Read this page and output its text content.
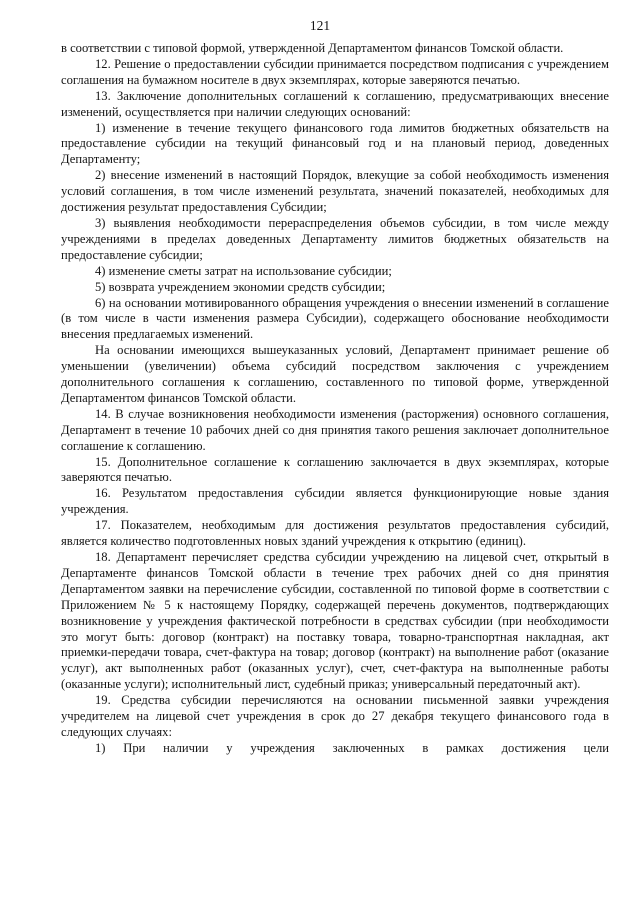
121

в соответствии с типовой формой, утвержденной Департаментом финансов Томской области.

12. Решение о предоставлении субсидии принимается посредством подписания с учреждением соглашения на бумажном носителе в двух экземплярах, которые заверяются печатью.

13. Заключение дополнительных соглашений к соглашению, предусматривающих внесение изменений, осуществляется при наличии следующих оснований:

1) изменение в течение текущего финансового года лимитов бюджетных обязательств на предоставление субсидии на текущий финансовый год и на плановый период, доведенных Департаменту;

2) внесение изменений в настоящий Порядок, влекущие за собой необходимость изменения условий соглашения, в том числе изменений результата, значений показателей, необходимых для достижения результат предоставления Субсидии;

3) выявления необходимости перераспределения объемов субсидии, в том числе между учреждениями в пределах доведенных Департаменту лимитов бюджетных обязательств на предоставление субсидии;

4) изменение сметы затрат на использование субсидии;

5) возврата учреждением экономии средств субсидии;

6) на основании мотивированного обращения учреждения о внесении изменений в соглашение (в том числе в части изменения размера Субсидии), содержащего обоснование необходимости внесения предлагаемых изменений.

На основании имеющихся вышеуказанных условий, Департамент принимает решение об уменьшении (увеличении) объема субсидий посредством заключения с учреждением дополнительного соглашения к соглашению, составленного по типовой форме, утвержденной Департаментом финансов Томской области.

14. В случае возникновения необходимости изменения (расторжения) основного соглашения, Департамент в течение 10 рабочих дней со дня принятия такого решения заключает дополнительное соглашение к соглашению.

15. Дополнительное соглашение к соглашению заключается в двух экземплярах, которые заверяются печатью.

16. Результатом предоставления субсидии является функционирующие новые здания учреждения.

17. Показателем, необходимым для достижения результатов предоставления субсидий, является количество подготовленных новых зданий учреждения к открытию (единиц).

18. Департамент перечисляет средства субсидии учреждению на лицевой счет, открытый в Департаменте финансов Томской области в течение трех рабочих дней со дня принятия Департаментом заявки на перечисление субсидии, составленной по типовой форме в соответствии с Приложением № 5 к настоящему Порядку, содержащей перечень документов, подтверждающих возникновение у учреждения фактической потребности в средствах субсидии (при необходимости это могут быть: договор (контракт) на поставку товара, товарно-транспортная накладная, акт приемки-передачи товара, счет-фактура на товар; договор (контракт) на выполнение работ (оказание услуг), акт выполненных работ (оказанных услуг), счет, счет-фактура на выполненные работы (оказанные услуги); исполнительный лист, судебный приказ; универсальный передаточный акт).

19. Средства субсидии перечисляются на основании письменной заявки учреждения учредителем на лицевой счет учреждения в срок до 27 декабря текущего финансового года в следующих случаях:

1) При наличии у учреждения заключенных в рамках достижения цели
